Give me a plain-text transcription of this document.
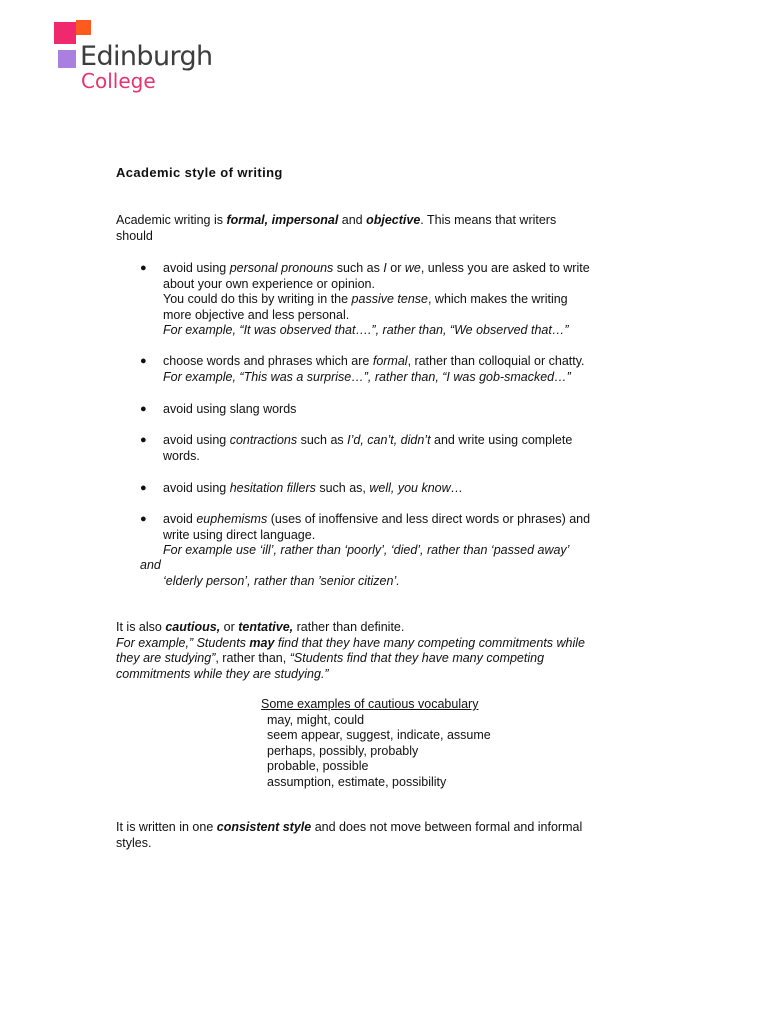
Edinburgh
College
Academic style of writing

Academic writing is formal, impersonal and objective. This means that writers

should

● avoid using personal pronouns such as I or we, unless you are asked to write
about your own experience or opinion.
You could do this by writing in the passive tense, which makes the writing
more objective and less personal.
For example, “It was observed that….”, rather than, “We observed that…”
● choose words and phrases which are formal, rather than colloquial or chatty.
For example, “This was a surprise…”, rather than, “I was gob-smacked…”
● avoid using slang words
● avoid using contractions such as I’d, can’t, didn’t and write using complete
words.
● avoid using hesitation fillers such as, well, you know…
● avoid euphemisms (uses of inoffensive and less direct words or phrases) and
write using direct language.
For example use ‘ill’, rather than ‘poorly’, ‘died’, rather than ‘passed away’
and
‘elderly person’, rather than ’senior citizen’.

It is also cautious, or tentative, rather than definite.

For example,” Students may find that they have many competing commitments while

they are studying”, rather than, “Students find that they have many competing

commitments while they are studying.”

Some examples of cautious vocabulary
may, might, could
seem appear, suggest, indicate, assume
perhaps, possibly, probably
probable, possible
assumption, estimate, possibility

It is written in one consistent style and does not move between formal and informal

styles.
